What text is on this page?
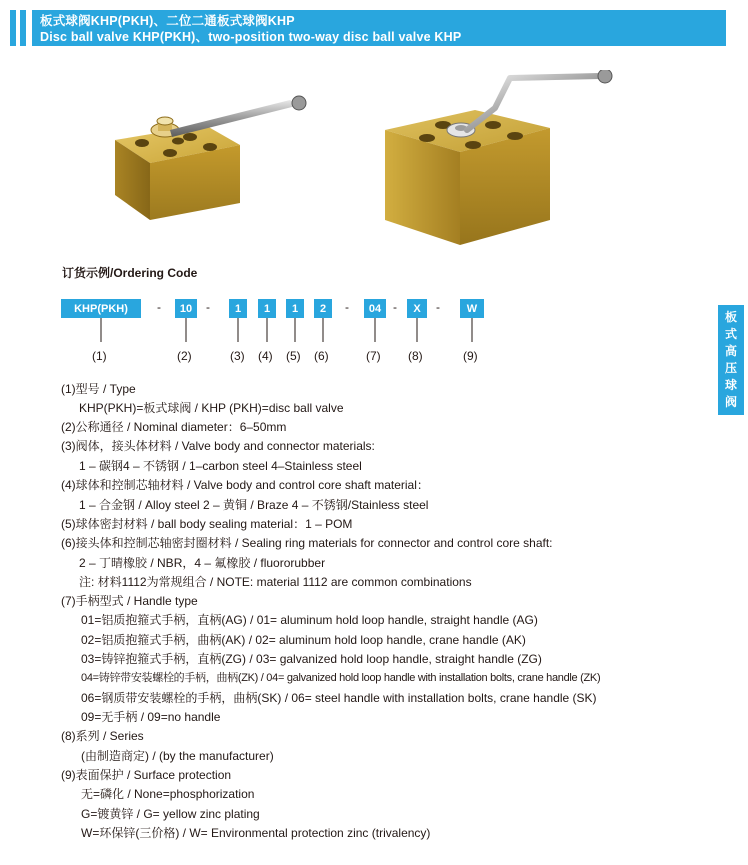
板式球阀KHP(PKH)、二位二通板式球阀KHP
Disc ball valve KHP(PKH)、two-position two-way disc ball valve KHP
订货示例/Ordering Code
KHP(PKH)	-	10	-	1	1	1	2	-	04 -	X	-	W
(1)	(2)	(3) (4) (5) (6)	(7) (8)	(9)
板
式
高
压
球
阀
(1)型号 / Type
KHP(PKH)=板式球阀 / KHP (PKH)=disc ball valve
(2)公称通径 / Nominal diameter：6–50mm
(3)阀体，接头体材料 / Valve body and connector materials:
1 – 碳钢4 – 不锈钢 / 1–carbon steel 4–Stainless steel
(4)球体和控制芯轴材料 / Valve body and control core shaft material：
1 – 合金钢 / Alloy steel 2 – 黄铜 / Braze 4 – 不锈钢/Stainless steel
(5)球体密封材料 / ball body sealing material：1 – POM
(6)接头体和控制芯轴密封圈材料 / Sealing ring materials for connector and control core shaft:
2 – 丁晴橡胶 / NBR，4 – 氟橡胶 / fluororubber
注: 材料1112为常规组合 / NOTE: material 1112 are common combinations
(7)手柄型式 / Handle type
01=铝质抱箍式手柄，直柄(AG) / 01= aluminum hold loop handle, straight handle (AG)
02=铝质抱箍式手柄，曲柄(AK) / 02= aluminum hold loop handle, crane handle (AK)
03=铸锌抱箍式手柄，直柄(ZG) / 03= galvanized hold loop handle, straight handle (ZG)
04=铸锌带安装螺栓的手柄，曲柄(ZK) / 04= galvanized hold loop handle with installation bolts, crane handle (ZK)
06=钢质带安装螺栓的手柄，曲柄(SK) / 06= steel handle with installation bolts, crane handle (SK)
09=无手柄 / 09=no handle
(8)系列 / Series
(由制造商定) / (by the manufacturer)
(9)表面保护 / Surface protection
无=磷化 / None=phosphorization
G=镀黄锌 / G= yellow zinc plating
W=环保锌(三价格) / W= Environmental protection zinc (trivalency)
